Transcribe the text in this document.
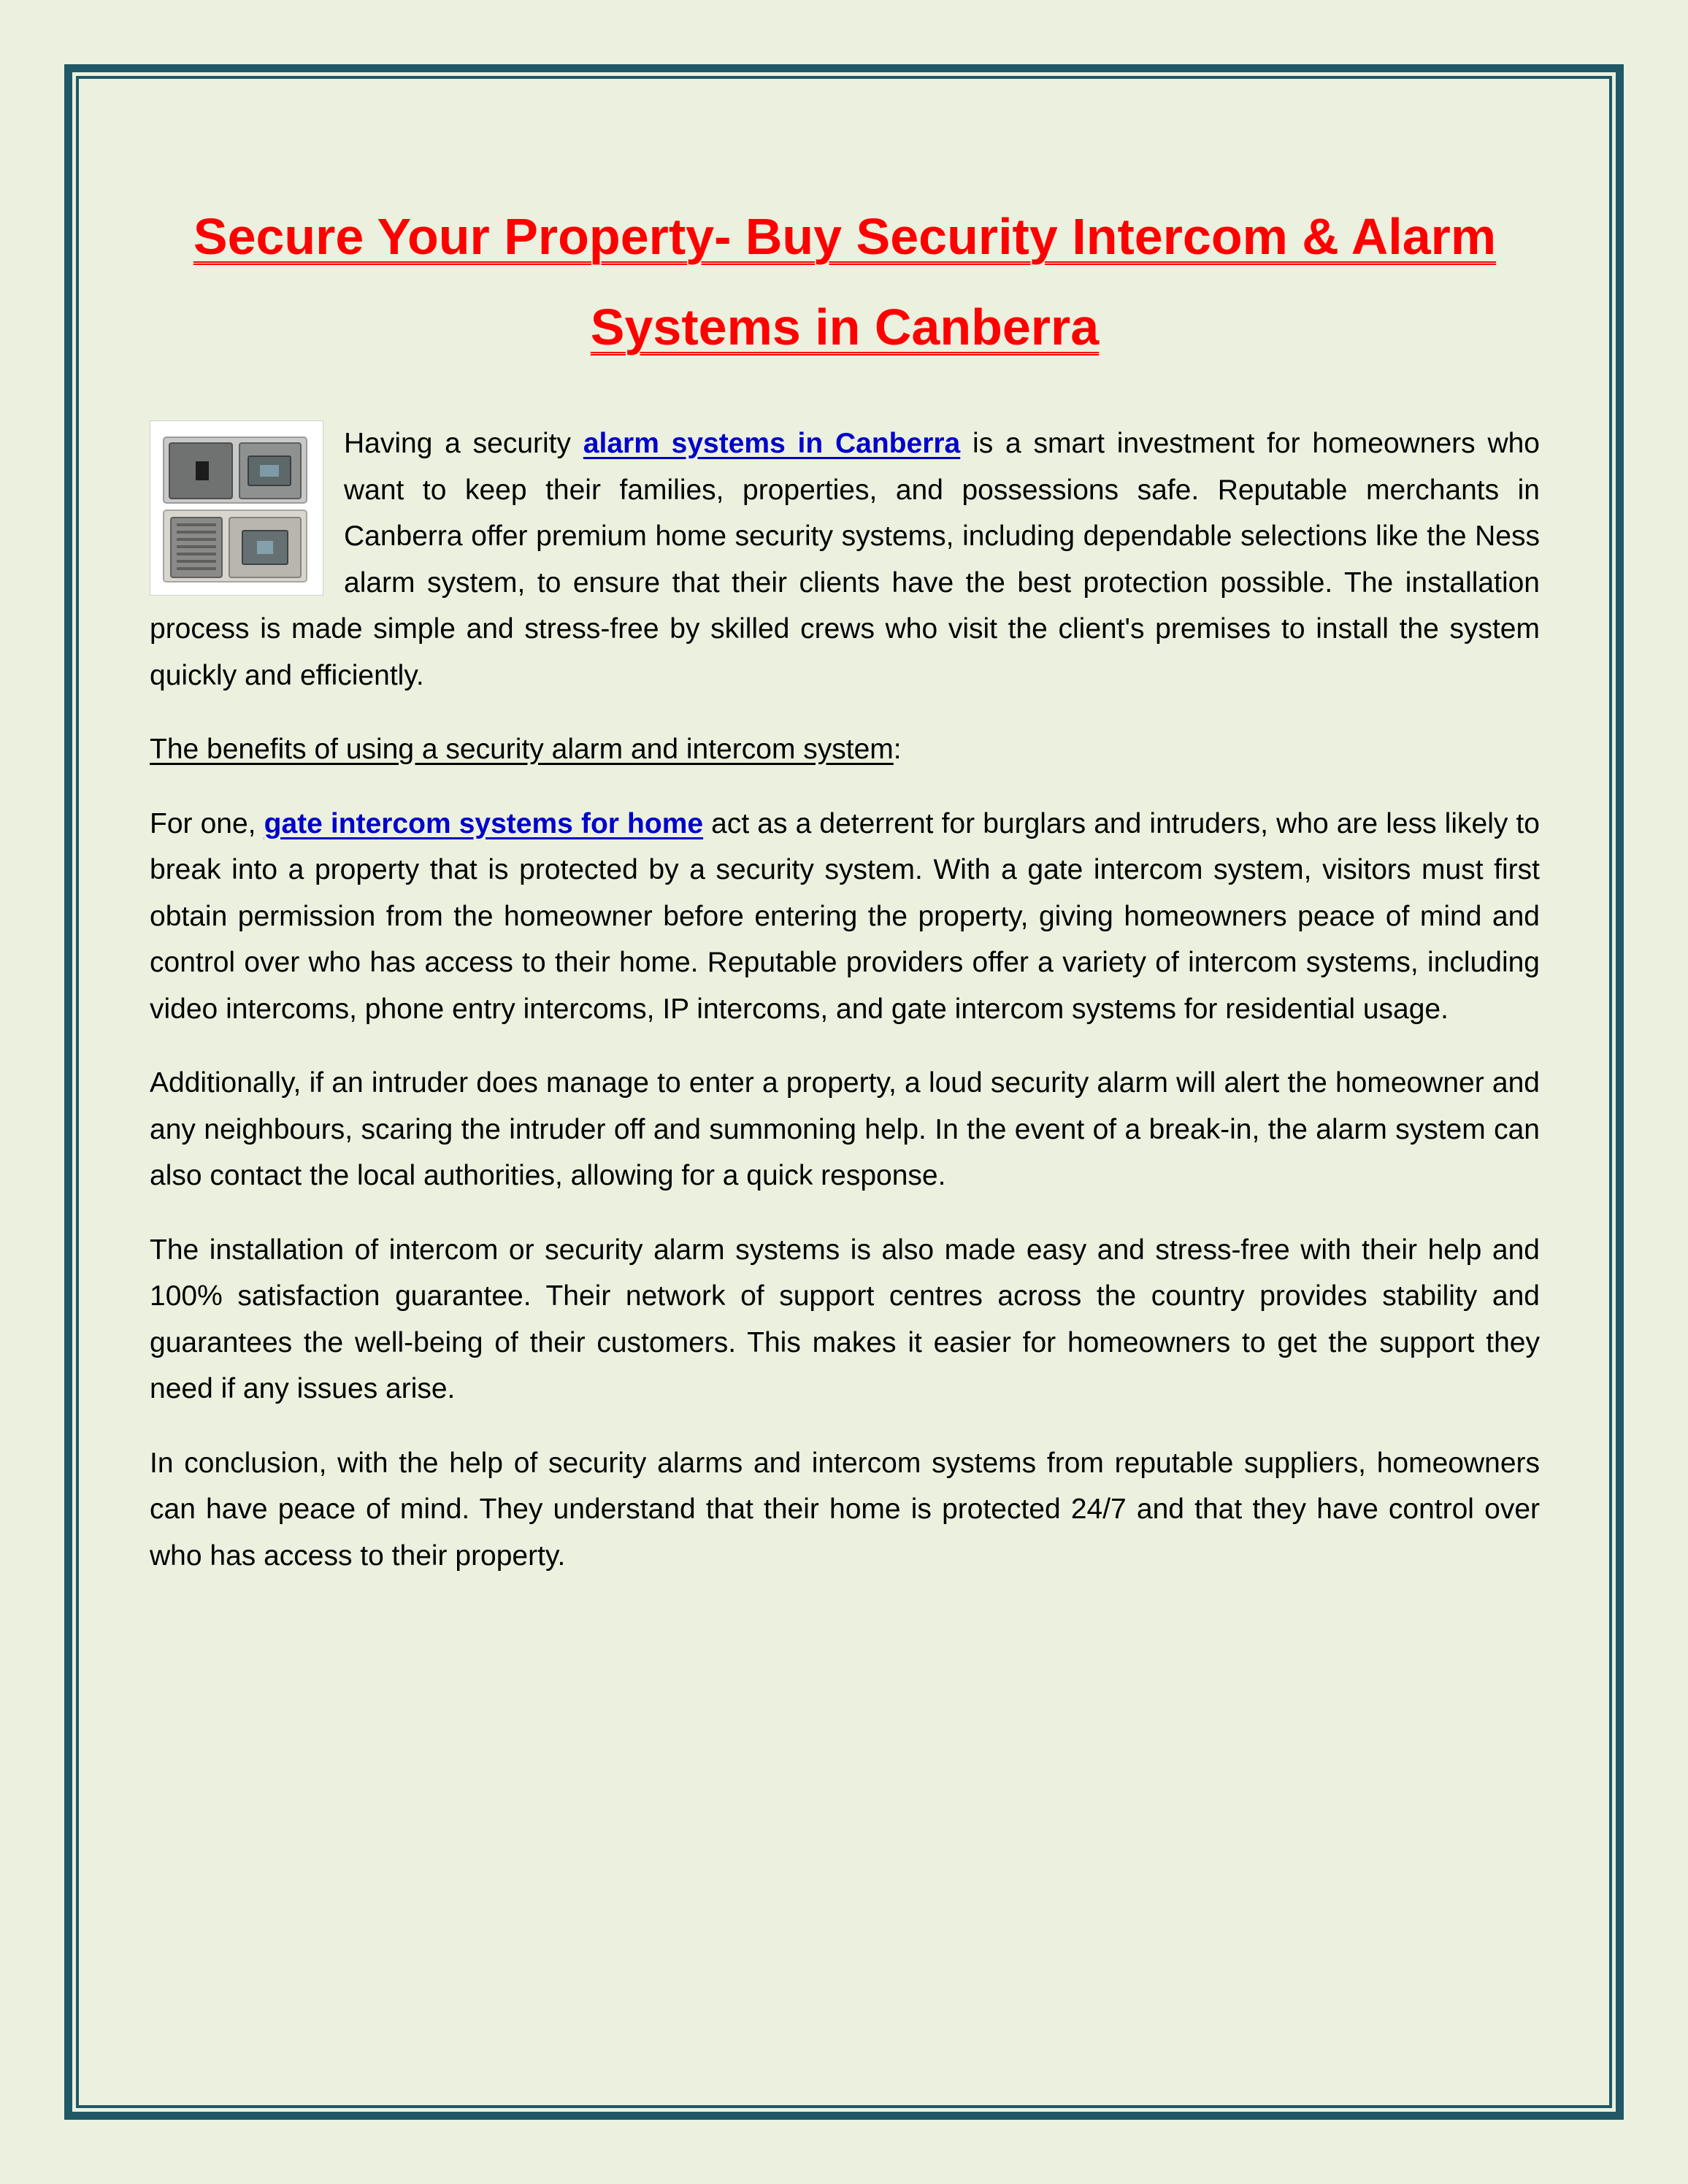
Secure Your Property- Buy Security Intercom & Alarm Systems in Canberra

Having a security alarm systems in Canberra is a smart investment for homeowners who want to keep their families, properties, and possessions safe. Reputable merchants in Canberra offer premium home security systems, including dependable selections like the Ness alarm system, to ensure that their clients have the best protection possible. The installation process is made simple and stress-free by skilled crews who visit the client's premises to install the system quickly and efficiently.

The benefits of using a security alarm and intercom system:

For one, gate intercom systems for home act as a deterrent for burglars and intruders, who are less likely to break into a property that is protected by a security system. With a gate intercom system, visitors must first obtain permission from the homeowner before entering the property, giving homeowners peace of mind and control over who has access to their home. Reputable providers offer a variety of intercom systems, including video intercoms, phone entry intercoms, IP intercoms, and gate intercom systems for residential usage.

Additionally, if an intruder does manage to enter a property, a loud security alarm will alert the homeowner and any neighbours, scaring the intruder off and summoning help. In the event of a break-in, the alarm system can also contact the local authorities, allowing for a quick response.

The installation of intercom or security alarm systems is also made easy and stress-free with their help and 100% satisfaction guarantee. Their network of support centres across the country provides stability and guarantees the well-being of their customers. This makes it easier for homeowners to get the support they need if any issues arise.

In conclusion, with the help of security alarms and intercom systems from reputable suppliers, homeowners can have peace of mind. They understand that their home is protected 24/7 and that they have control over who has access to their property.
